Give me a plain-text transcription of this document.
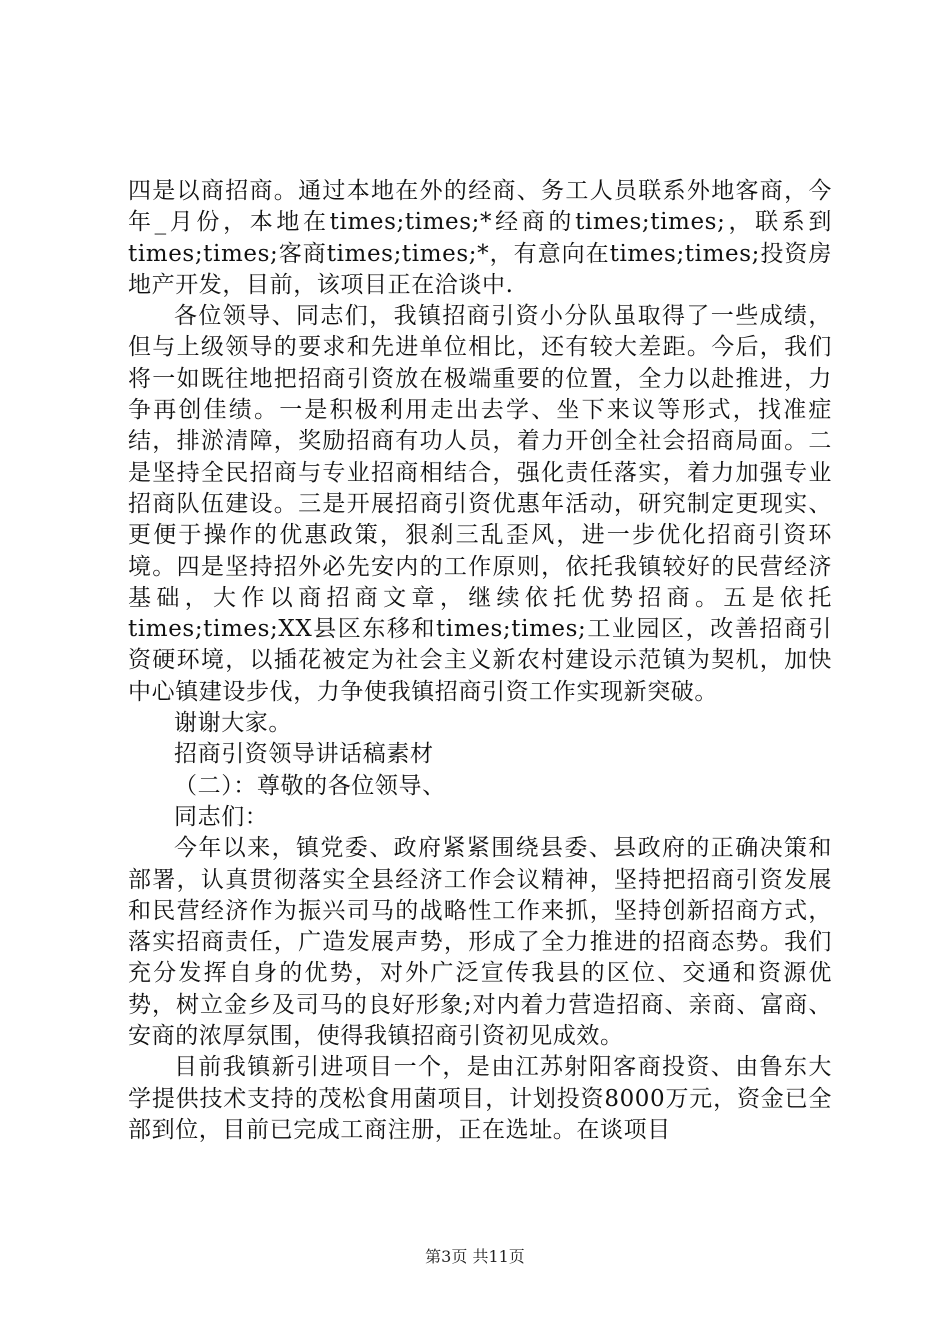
四是以商招商。通过本地在外的经商、务工人员联系外地客商，今年_月份，本地在times;times;*经商的times;times;，联系到times;times;客商times;times;*，有意向在times;times;投资房地产开发，目前，该项目正在洽谈中.

各位领导、同志们，我镇招商引资小分队虽取得了一些成绩，但与上级领导的要求和先进单位相比，还有较大差距。今后，我们将一如既往地把招商引资放在极端重要的位置，全力以赴推进，力争再创佳绩。一是积极利用走出去学、坐下来议等形式，找准症结，排淤清障，奖励招商有功人员，着力开创全社会招商局面。二是坚持全民招商与专业招商相结合，强化责任落实，着力加强专业招商队伍建设。三是开展招商引资优惠年活动，研究制定更现实、更便于操作的优惠政策，狠刹三乱歪风，进一步优化招商引资环境。四是坚持招外必先安内的工作原则，依托我镇较好的民营经济基础，大作以商招商文章，继续依托优势招商。五是依托times;times;XX县区东移和times;times;工业园区，改善招商引资硬环境，以插花被定为社会主义新农村建设示范镇为契机，加快中心镇建设步伐，力争使我镇招商引资工作实现新突破。

谢谢大家。

招商引资领导讲话稿素材

（二）：尊敬的各位领导、

同志们：

今年以来，镇党委、政府紧紧围绕县委、县政府的正确决策和部署，认真贯彻落实全县经济工作会议精神，坚持把招商引资发展和民营经济作为振兴司马的战略性工作来抓，坚持创新招商方式，落实招商责任，广造发展声势，形成了全力推进的招商态势。我们充分发挥自身的优势，对外广泛宣传我县的区位、交通和资源优势，树立金乡及司马的良好形象;对内着力营造招商、亲商、富商、安商的浓厚氛围，使得我镇招商引资初见成效。

目前我镇新引进项目一个，是由江苏射阳客商投资、由鲁东大学提供技术支持的茂松食用菌项目，计划投资8000万元，资金已全部到位，目前已完成工商注册，正在选址。在谈项目

第3页 共11页
